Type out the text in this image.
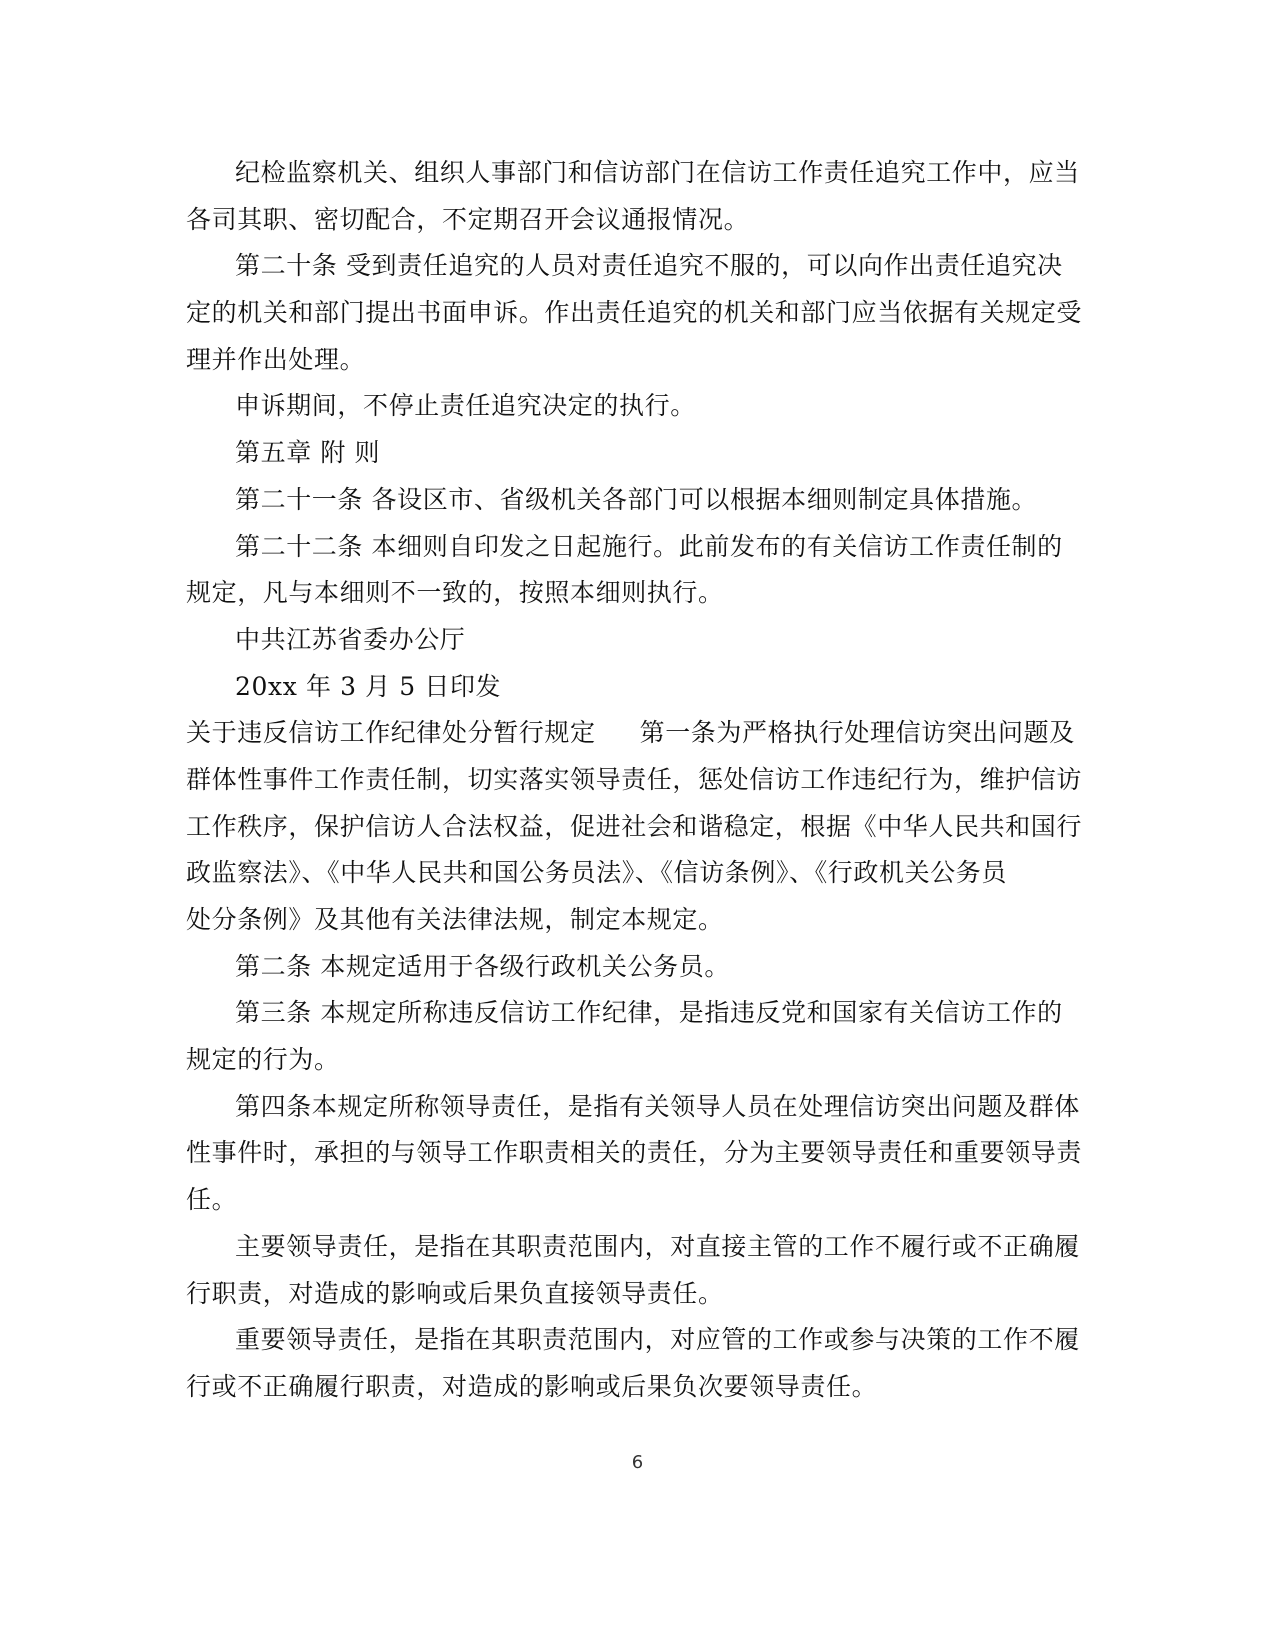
纪检监察机关、组织人事部门和信访部门在信访工作责任追究工作中，应当
各司其职、密切配合，不定期召开会议通报情况。
第二十条 受到责任追究的人员对责任追究不服的，可以向作出责任追究决
定的机关和部门提出书面申诉。作出责任追究的机关和部门应当依据有关规定受
理并作出处理。
申诉期间，不停止责任追究决定的执行。
第五章 附 则
第二十一条 各设区市、省级机关各部门可以根据本细则制定具体措施。
第二十二条 本细则自印发之日起施行。此前发布的有关信访工作责任制的
规定，凡与本细则不一致的，按照本细则执行。
中共江苏省委办公厅
20xx 年 3 月 5 日印发
关于违反信访工作纪律处分暂行规定 第一条为严格执行处理信访突出问题及
群体性事件工作责任制，切实落实领导责任，惩处信访工作违纪行为，维护信访
工作秩序，保护信访人合法权益，促进社会和谐稳定，根据《中华人民共和国行
政监察法》、《中华人民共和国公务员法》、《信访条例》、《行政机关公务员
处分条例》及其他有关法律法规，制定本规定。
第二条 本规定适用于各级行政机关公务员。
第三条 本规定所称违反信访工作纪律，是指违反党和国家有关信访工作的
规定的行为。
第四条本规定所称领导责任，是指有关领导人员在处理信访突出问题及群体
性事件时，承担的与领导工作职责相关的责任，分为主要领导责任和重要领导责
任。
主要领导责任，是指在其职责范围内，对直接主管的工作不履行或不正确履
行职责，对造成的影响或后果负直接领导责任。
重要领导责任，是指在其职责范围内，对应管的工作或参与决策的工作不履
行或不正确履行职责，对造成的影响或后果负次要领导责任。
6
